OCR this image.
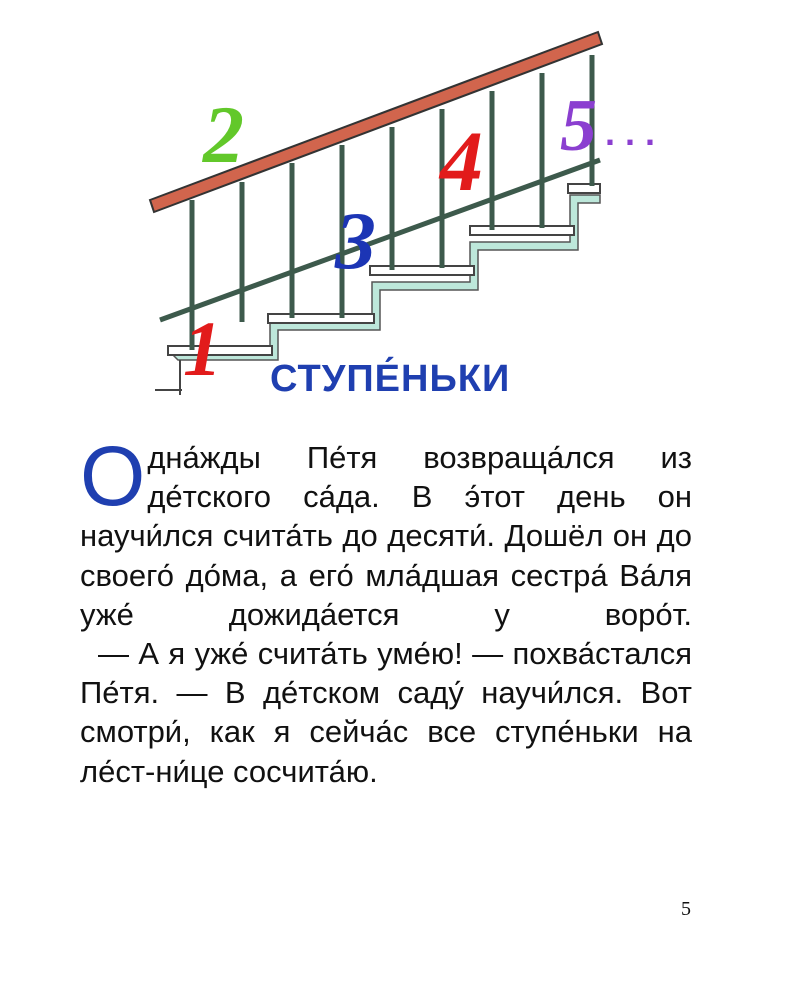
1
2
3
4 5 . . .
СТУПЕ́НЬКИ

Одна́жды Пе́тя возвраща́лся из де́тского са́да. В э́тот день он научи́лся счита́ть до десяти́. Дошёл он до своего́ до́ма, а его́ мла́дшая сестра́ Ва́ля уже́ дожида́ется у воро́т.

— А я уже́ счита́ть уме́ю! — похва́стался Пе́тя. — В де́тском саду́ научи́лся. Вот смотри́, как я сейча́с все ступе́ньки на ле́ст-ни́це сосчита́ю.

5
